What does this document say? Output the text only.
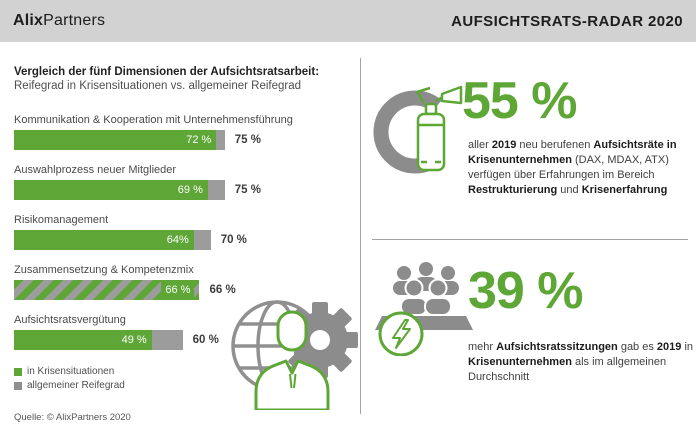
AlixPartners	AUFSICHTSRATS-RADAR 2020
Vergleich der fünf Dimensionen der Aufsichtsratsarbeit:
Reifegrad in Krisensituationen vs. allgemeiner Reifegrad
Kommunikation & Kooperation mit Unternehmensführung
72 % 75 %
Auswahlprozess neuer Mitglieder
69 %	75 %
Risikomanagement
64%	70 %
Zusammensetzung & Kompetenzmix
66 %	66 %
Aufsichtsratsvergütung
49 %	60 %
in Krisensituationen
allgemeiner Reifegrad
55 %
aller 2019 neu berufenen Aufsichtsräte in Krisenunternehmen (DAX, MDAX, ATX) verfügen über Erfahrungen im Bereich Restrukturierung und Krisenerfahrung
39 %
mehr Aufsichtsratssitzungen gab es 2019 in Krisenunternehmen als im allgemeinen Durchschnitt
Quelle: © AlixPartners 2020
